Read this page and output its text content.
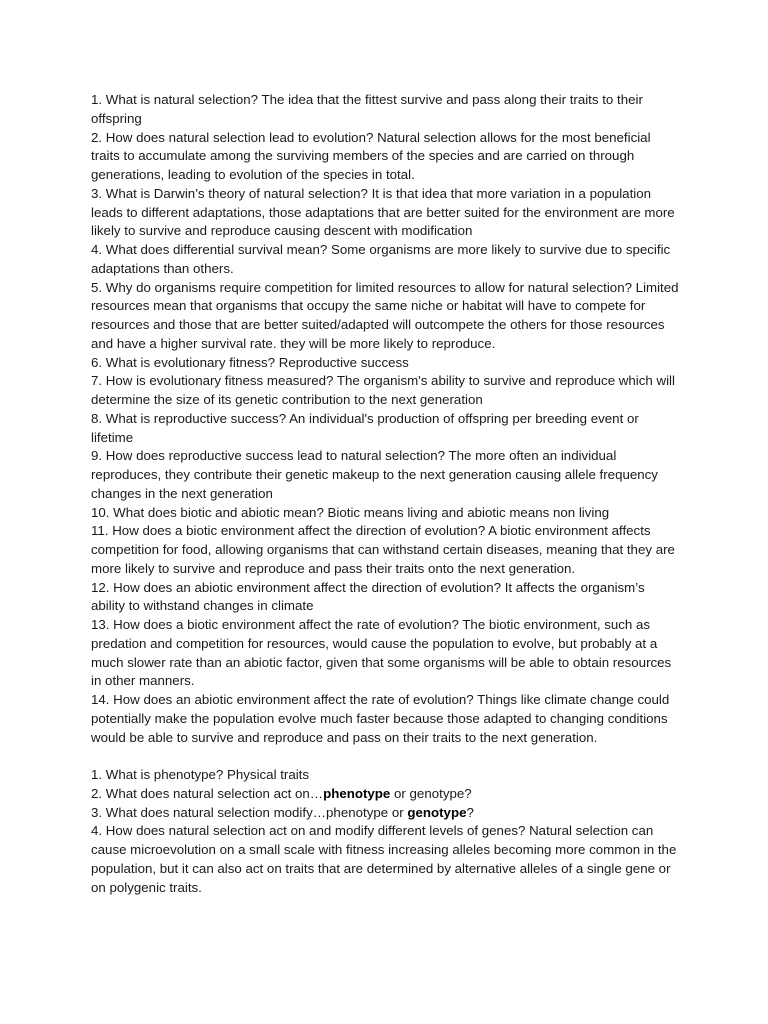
1. What is natural selection? The idea that the fittest survive and pass along their traits to their offspring

2. How does natural selection lead to evolution? Natural selection allows for the most beneficial traits to accumulate among the surviving members of the species and are carried on through generations, leading to evolution of the species in total.

3. What is Darwin’s theory of natural selection? It is that idea that more variation in a population leads to different adaptations, those adaptations that are better suited for the environment are more likely to survive and reproduce causing descent with modification

4. What does differential survival mean? Some organisms are more likely to survive due to specific adaptations than others.

5. Why do organisms require competition for limited resources to allow for natural selection? Limited resources mean that organisms that occupy the same niche or habitat will have to compete for resources and those that are better suited/adapted will outcompete the others for those resources and have a higher survival rate. they will be more likely to reproduce.

6. What is evolutionary fitness? Reproductive success

7. How is evolutionary fitness measured? The organism's ability to survive and reproduce which will determine the size of its genetic contribution to the next generation

8. What is reproductive success? An individual's production of offspring per breeding event or lifetime

9. How does reproductive success lead to natural selection? The more often an individual reproduces, they contribute their genetic makeup to the next generation causing allele frequency changes in the next generation

10. What does biotic and abiotic mean? Biotic means living and abiotic means non living

11. How does a biotic environment affect the direction of evolution? A biotic environment affects competition for food, allowing organisms that can withstand certain diseases, meaning that they are more likely to survive and reproduce and pass their traits onto the next generation.

12. How does an abiotic environment affect the direction of evolution? It affects the organism’s ability to withstand changes in climate

13. How does a biotic environment affect the rate of evolution? The biotic environment, such as predation and competition for resources, would cause the population to evolve, but probably at a much slower rate than an abiotic factor, given that some organisms will be able to obtain resources in other manners.

14. How does an abiotic environment affect the rate of evolution? Things like climate change could potentially make the population evolve much faster because those adapted to changing conditions would be able to survive and reproduce and pass on their traits to the next generation.

1. What is phenotype? Physical traits

2. What does natural selection act on…phenotype or genotype?

3. What does natural selection modify…phenotype or genotype?

4. How does natural selection act on and modify different levels of genes? Natural selection can cause microevolution on a small scale with fitness increasing alleles becoming more common in the population, but it can also act on traits that are determined by alternative alleles of a single gene or on polygenic traits.
